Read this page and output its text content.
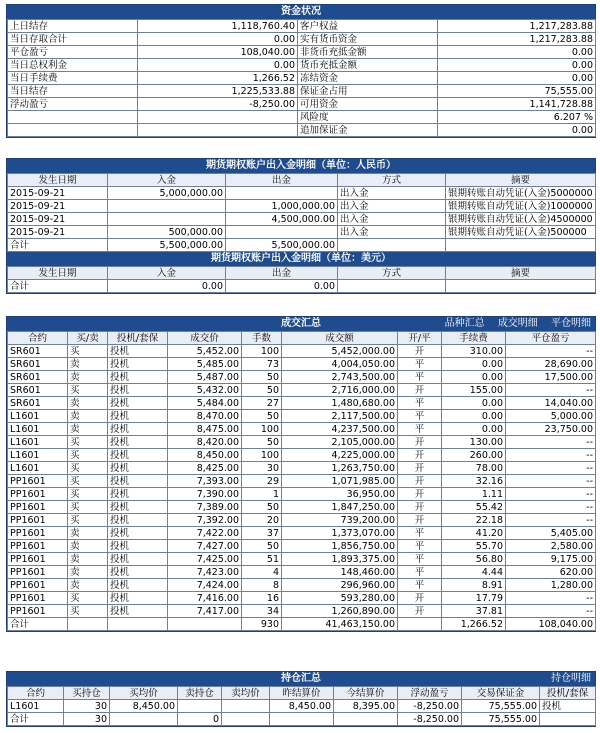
资金状况
上日结存	1,118,760.40	客户权益	1,217,283.88
当日存取合计	0.00	实有货币资金	1,217,283.88
平仓盈亏	108,040.00	非货币充抵金额	0.00
当日总权利金	0.00	货币充抵金额	0.00
当日手续费	1,266.52	冻结资金	0.00
当日结存	1,225,533.88	保证金占用	75,555.00
浮动盈亏	-8,250.00	可用资金	1,141,728.88
		风险度	6.207 %
		追加保证金	0.00
期货期权账户出入金明细（单位：人民币）
发生日期	入金	出金	方式	摘要
2015-09-21	5,000,000.00		出入金	银期转账自动凭证(入金)5000000
2015-09-21		1,000,000.00	出入金	银期转账自动凭证(入金)1000000
2015-09-21		4,500,000.00	出入金	银期转账自动凭证(入金)4500000
2015-09-21	500,000.00		出入金	银期转账自动凭证(入金)500000
合计	5,500,000.00	5,500,000.00		
期货期权账户出入金明细（单位：美元）
发生日期	入金	出金	方式	摘要
合计	0.00	0.00		
成交汇总	品种汇总 成交明细 平仓明细
合约	买/卖	投机/套保	成交价	手数	成交额	开/平	手续费	平仓盈亏
SR601	买	投机	5,452.00	100	5,452,000.00	开	310.00	--
SR601	卖	投机	5,485.00	73	4,004,050.00	平	0.00	28,690.00
SR601	卖	投机	5,487.00	50	2,743,500.00	平	0.00	17,500.00
SR601	买	投机	5,432.00	50	2,716,000.00	开	155.00	--
SR601	卖	投机	5,484.00	27	1,480,680.00	平	0.00	14,040.00
L1601	卖	投机	8,470.00	50	2,117,500.00	平	0.00	5,000.00
L1601	卖	投机	8,475.00	100	4,237,500.00	平	0.00	23,750.00
L1601	买	投机	8,420.00	50	2,105,000.00	开	130.00	--
L1601	买	投机	8,450.00	100	4,225,000.00	开	260.00	--
L1601	买	投机	8,425.00	30	1,263,750.00	开	78.00	--
PP1601	买	投机	7,393.00	29	1,071,985.00	开	32.16	--
PP1601	买	投机	7,390.00	1	36,950.00	开	1.11	--
PP1601	买	投机	7,389.00	50	1,847,250.00	开	55.42	--
PP1601	买	投机	7,392.00	20	739,200.00	开	22.18	--
PP1601	卖	投机	7,422.00	37	1,373,070.00	平	41.20	5,405.00
PP1601	卖	投机	7,427.00	50	1,856,750.00	平	55.70	2,580.00
PP1601	卖	投机	7,425.00	51	1,893,375.00	平	56.80	9,175.00
PP1601	卖	投机	7,423.00	4	148,460.00	平	4.44	620.00
PP1601	卖	投机	7,424.00	8	296,960.00	平	8.91	1,280.00
PP1601	买	投机	7,416.00	16	593,280.00	开	17.79	--
PP1601	买	投机	7,417.00	34	1,260,890.00	开	37.81	--
合计				930	41,463,150.00		1,266.52	108,040.00
持仓汇总	持仓明细
合约	买持仓	买均价	卖持仓	卖均价	昨结算价	今结算价	浮动盈亏	交易保证金	投机/套保
L1601	30	8,450.00			8,450.00	8,395.00	-8,250.00	75,555.00	投机
合计	30		0				-8,250.00	75,555.00	
